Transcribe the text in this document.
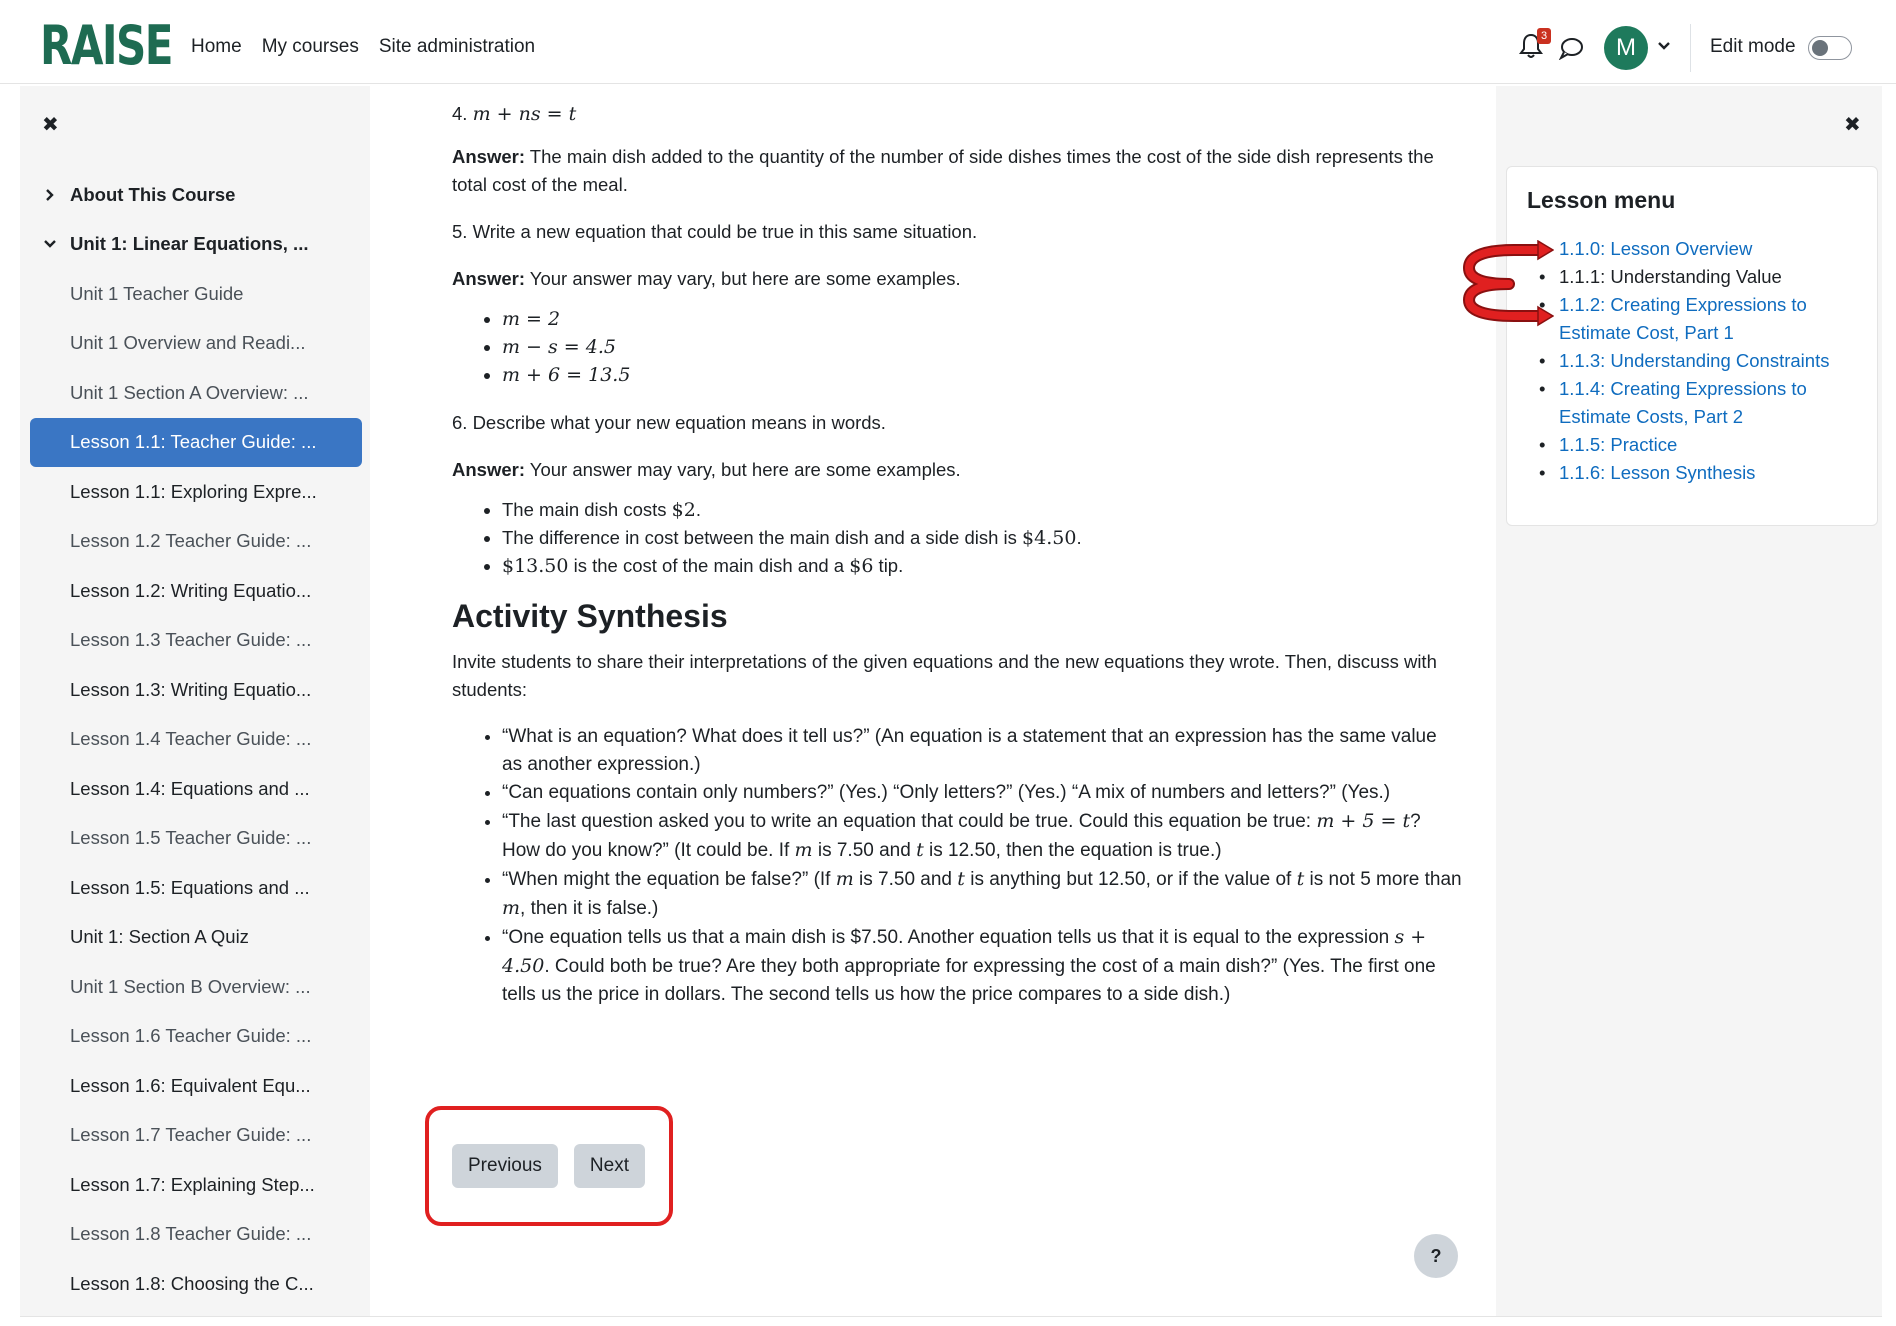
RAISE Home My courses Site administration	3	M	Edit mode
✖
About This Course
Unit 1: Linear Equations, ...
Unit 1 Teacher Guide
Unit 1 Overview and Readi...
Unit 1 Section A Overview: ...
Lesson 1.1: Teacher Guide: ...
Lesson 1.1: Exploring Expre...
Lesson 1.2 Teacher Guide: ...
Lesson 1.2: Writing Equatio...
Lesson 1.3 Teacher Guide: ...
Lesson 1.3: Writing Equatio...
Lesson 1.4 Teacher Guide: ...
Lesson 1.4: Equations and ...
Lesson 1.5 Teacher Guide: ...
Lesson 1.5: Equations and ...
Unit 1: Section A Quiz
Unit 1 Section B Overview: ...
Lesson 1.6 Teacher Guide: ...
Lesson 1.6: Equivalent Equ...
Lesson 1.7 Teacher Guide: ...
Lesson 1.7: Explaining Step...
Lesson 1.8 Teacher Guide: ...
Lesson 1.8: Choosing the C...

4. m + ns = t

Answer: The main dish added to the quantity of the number of side dishes times the cost of the side dish represents the total cost of the meal.

5. Write a new equation that could be true in this same situation.

Answer: Your answer may vary, but here are some examples.

• m = 2
• m − s = 4.5
• m + 6 = 13.5

6. Describe what your new equation means in words.

Answer: Your answer may vary, but here are some examples.

• The main dish costs $2.
• The difference in cost between the main dish and a side dish is $4.50.
• $13.50 is the cost of the main dish and a $6 tip.
Activity Synthesis

Invite students to share their interpretations of the given equations and the new equations they wrote. Then, discuss with students:

• “What is an equation? What does it tell us?” (An equation is a statement that an expression has the same value as another expression.)
• “Can equations contain only numbers?” (Yes.) “Only letters?” (Yes.) “A mix of numbers and letters?” (Yes.)
• “The last question asked you to write an equation that could be true. Could this equation be true: m + 5 = t? How do you know?” (It could be. If m is 7.50 and t is 12.50, then the equation is true.)
• “When might the equation be false?” (If m is 7.50 and t is anything but 12.50, or if the value of t is not 5 more than m, then it is false.)
• “One equation tells us that a main dish is $7.50. Another equation tells us that it is equal to the expression s + 4.50. Could both be true? Are they both appropriate for expressing the cost of a main dish?” (Yes. The first one tells us the price in dollars. The second tells us how the price compares to a side dish.)
Previous	Next
?
✖
Lesson menu
• 1.1.0: Lesson Overview
• 1.1.1: Understanding Value
• 1.1.2: Creating Expressions to Estimate Cost, Part 1
• 1.1.3: Understanding Constraints
• 1.1.4: Creating Expressions to Estimate Costs, Part 2
• 1.1.5: Practice
• 1.1.6: Lesson Synthesis
